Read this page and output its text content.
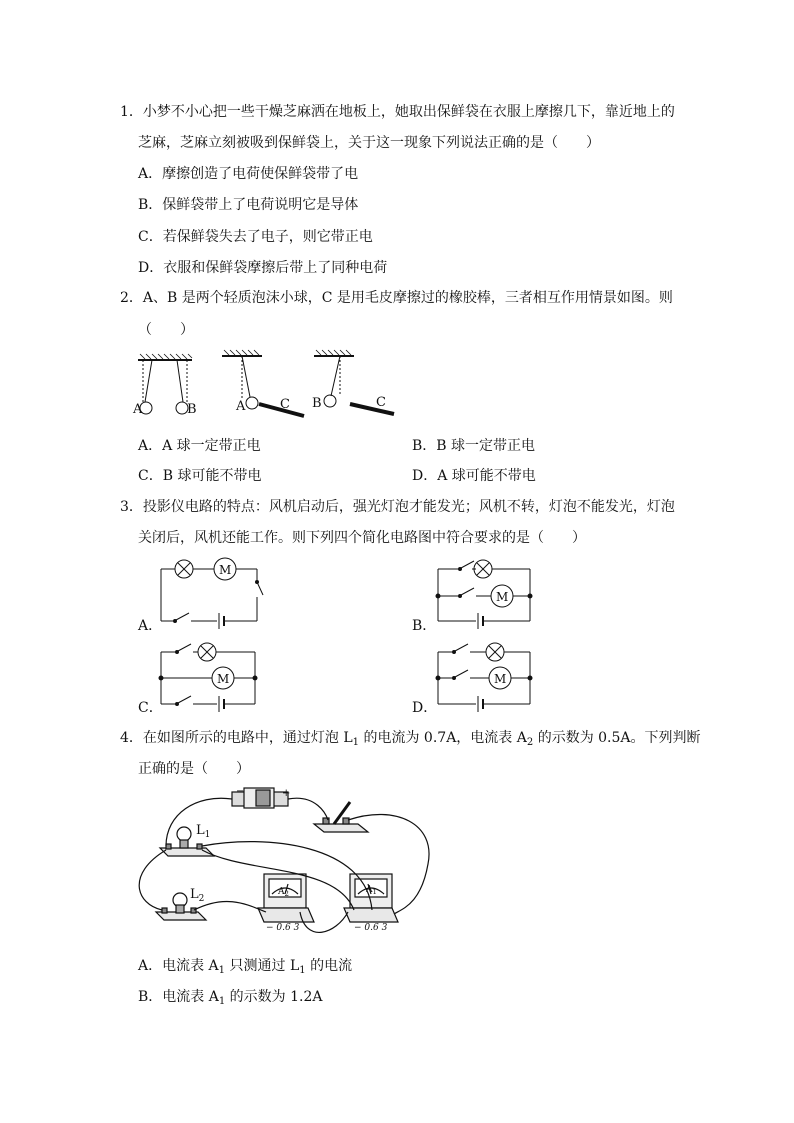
1．小梦不小心把一些干燥芝麻洒在地板上，她取出保鲜袋在衣服上摩擦几下，靠近地上的
芝麻，芝麻立刻被吸到保鲜袋上，关于这一现象下列说法正确的是（　　）
A．摩擦创造了电荷使保鲜袋带了电
B．保鲜袋带上了电荷说明它是导体
C．若保鲜袋失去了电子，则它带正电
D．衣服和保鲜袋摩擦后带上了同种电荷
2．A、B 是两个轻质泡沫小球，C 是用毛皮摩擦过的橡胶棒，三者相互作用情景如图。则
（　　）
A	B	A	C B	C
A．A 球一定带正电	B．B 球一定带正电
C．B 球可能不带电	D．A 球可能不带电
3．投影仪电路的特点：风机启动后，强光灯泡才能发光；风机不转，灯泡不能发光，灯泡
关闭后，风机还能工作。则下列四个简化电路图中符合要求的是（　　）
A．
M
B．
M
C．
M
D．
M
4．在如图所示的电路中，通过灯泡 $L_1$ 的电流为 0.7A，电流表 $A_2$ 的示数为 0.5A。下列判断
正确的是（　　）
−	+
$L_1$
$L_2$
$A_2$	$A_1$
− 0.6 3	− 0.6 3
A．电流表 $A_1$ 只测通过 $L_1$ 的电流
B．电流表 $A_1$ 的示数为 1.2A
